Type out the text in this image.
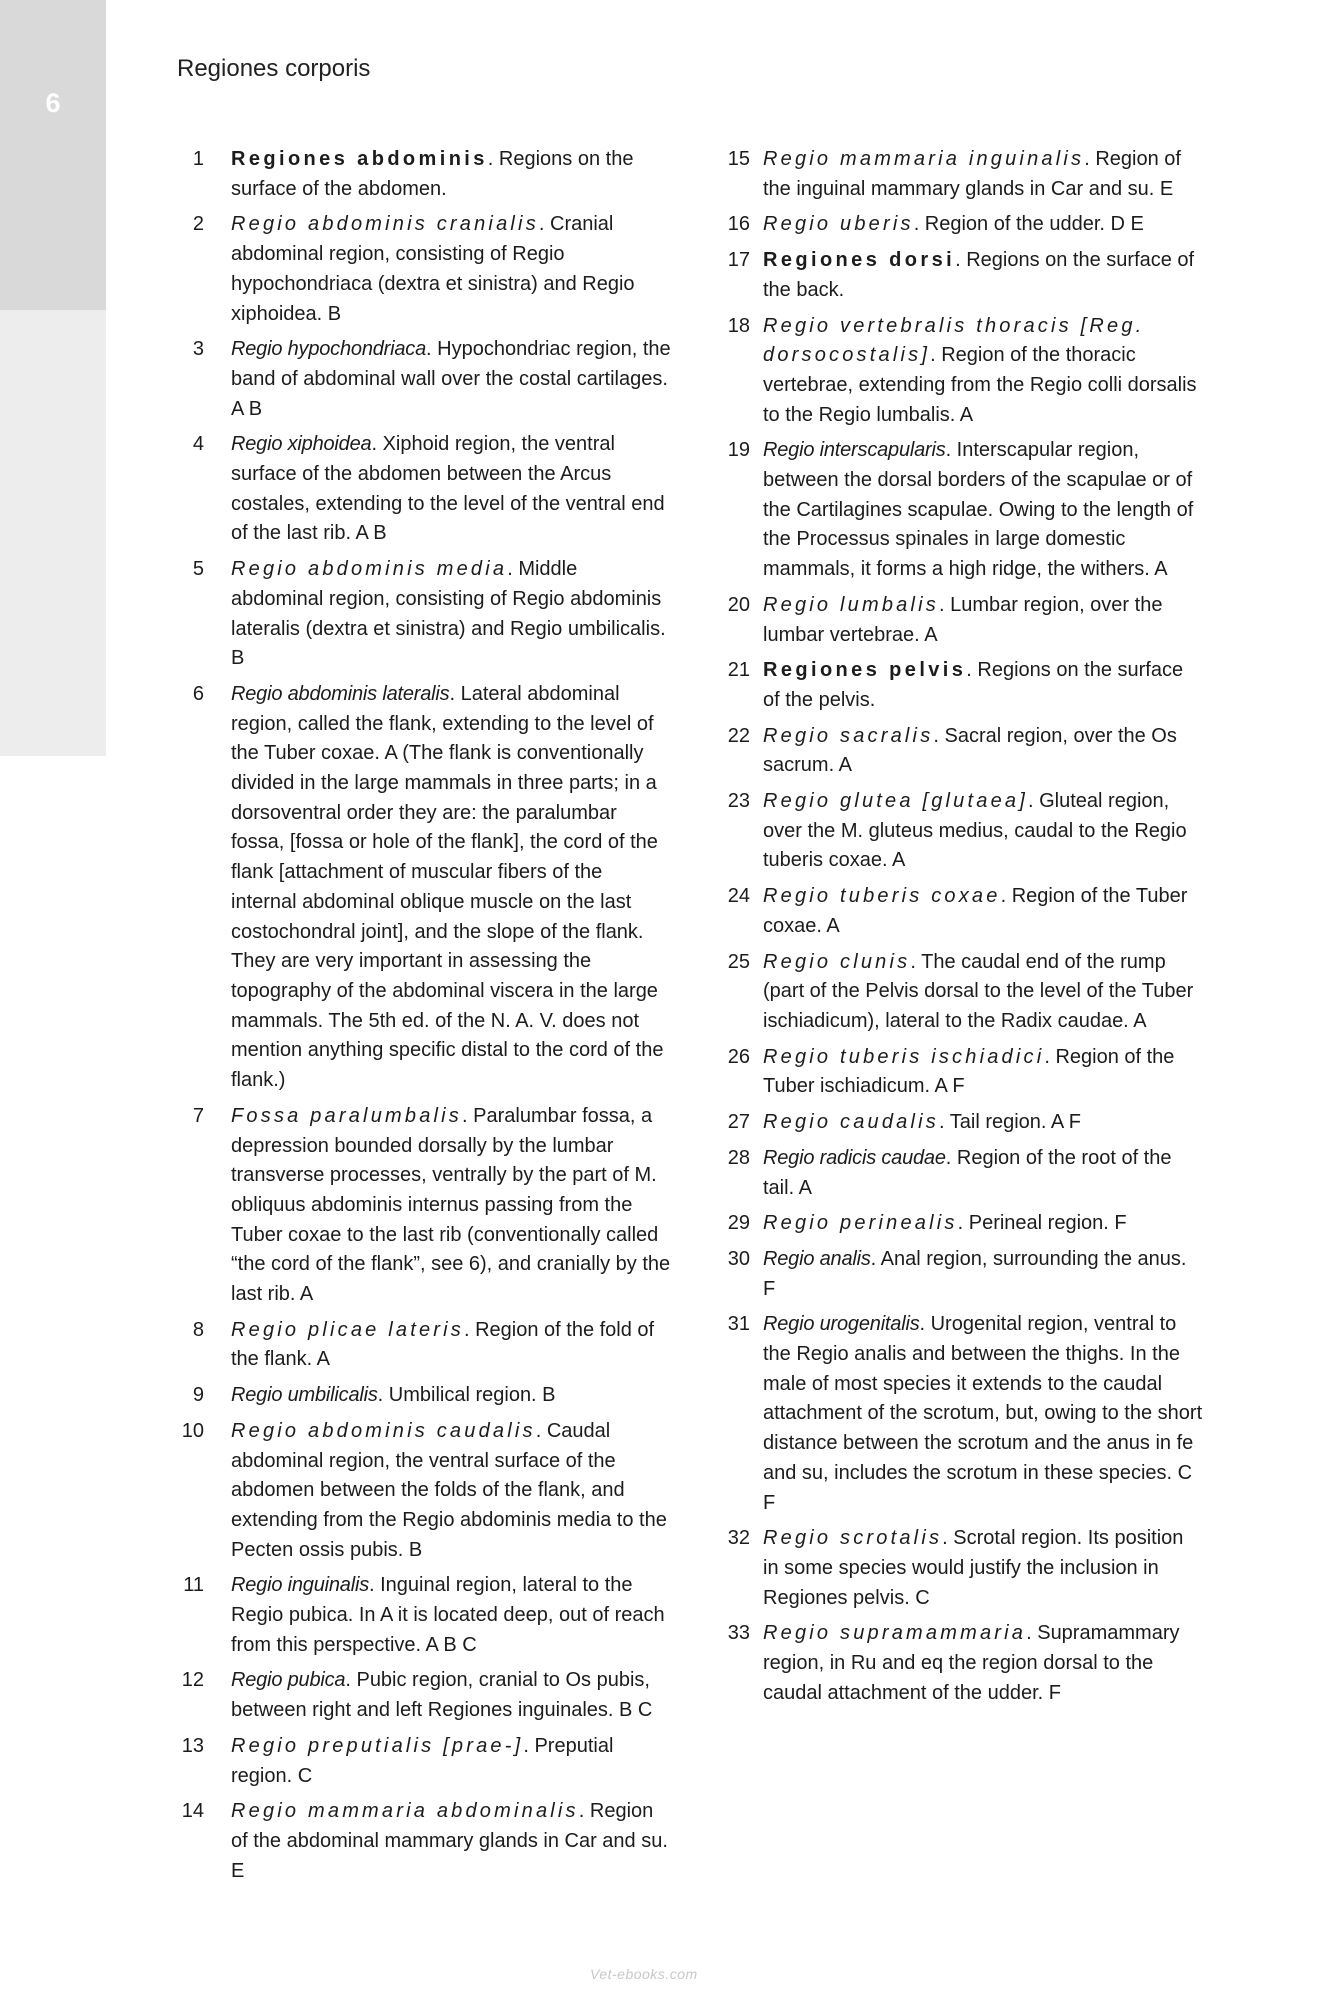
6
Regiones corporis
1 Regiones abdominis. Regions on the surface of the abdomen.
2 Regio abdominis cranialis. Cranial abdominal region, consisting of Regio hypochondriaca (dextra et sinistra) and Regio xiphoidea. B
3 Regio hypochondriaca. Hypochondriac region, the band of abdominal wall over the costal cartilages. A B
4 Regio xiphoidea. Xiphoid region, the ventral surface of the abdomen between the Arcus costales, extending to the level of the ventral end of the last rib. A B
5 Regio abdominis media. Middle abdominal region, consisting of Regio abdominis lateralis (dextra et sinistra) and Regio umbilicalis. B
6 Regio abdominis lateralis. Lateral abdominal region, called the flank, extending to the level of the Tuber coxae. A (The flank is conventionally divided in the large mammals in three parts; in a dorsoventral order they are: the paralumbar fossa, [fossa or hole of the flank], the cord of the flank [attachment of muscular fibers of the internal abdominal oblique muscle on the last costochondral joint], and the slope of the flank. They are very important in assessing the topography of the abdominal viscera in the large mammals. The 5th ed. of the N. A. V. does not mention anything specific distal to the cord of the flank.)
7 Fossa paralumbalis. Paralumbar fossa, a depression bounded dorsally by the lumbar transverse processes, ventrally by the part of M. obliquus abdominis internus passing from the Tuber coxae to the last rib (conventionally called “the cord of the flank”, see 6), and cranially by the last rib. A
8 Regio plicae lateris. Region of the fold of the flank. A
9 Regio umbilicalis. Umbilical region. B
10 Regio abdominis caudalis. Caudal abdominal region, the ventral surface of the abdomen between the folds of the flank, and extending from the Regio abdominis media to the Pecten ossis pubis. B
11 Regio inguinalis. Inguinal region, lateral to the Regio pubica. In A it is located deep, out of reach from this perspective. A B C
12 Regio pubica. Pubic region, cranial to Os pubis, between right and left Regiones inguinales. B C
13 Regio preputialis [prae-]. Preputial region. C
14 Regio mammaria abdominalis. Region of the abdominal mammary glands in Car and su. E
15 Regio mammaria inguinalis. Region of the inguinal mammary glands in Car and su. E
16 Regio uberis. Region of the udder. D E
17 Regiones dorsi. Regions on the surface of the back.
18 Regio vertebralis thoracis [Reg. dorsocostalis]. Region of the thoracic vertebrae, extending from the Regio colli dorsalis to the Regio lumbalis. A
19 Regio interscapularis. Interscapular region, between the dorsal borders of the scapulae or of the Cartilagines scapulae. Owing to the length of the Processus spinales in large domestic mammals, it forms a high ridge, the withers. A
20 Regio lumbalis. Lumbar region, over the lumbar vertebrae. A
21 Regiones pelvis. Regions on the surface of the pelvis.
22 Regio sacralis. Sacral region, over the Os sacrum. A
23 Regio glutea [glutaea]. Gluteal region, over the M. gluteus medius, caudal to the Regio tuberis coxae. A
24 Regio tuberis coxae. Region of the Tuber coxae. A
25 Regio clunis. The caudal end of the rump (part of the Pelvis dorsal to the level of the Tuber ischiadicum), lateral to the Radix caudae. A
26 Regio tuberis ischiadici. Region of the Tuber ischiadicum. A F
27 Regio caudalis. Tail region. A F
28 Regio radicis caudae. Region of the root of the tail. A
29 Regio perinealis. Perineal region. F
30 Regio analis. Anal region, surrounding the anus. F
31 Regio urogenitalis. Urogenital region, ventral to the Regio analis and between the thighs. In the male of most species it extends to the caudal attachment of the scrotum, but, owing to the short distance between the scrotum and the anus in fe and su, includes the scrotum in these species. C F
32 Regio scrotalis. Scrotal region. Its position in some species would justify the inclusion in Regiones pelvis. C
33 Regio supramammaria. Supramammary region, in Ru and eq the region dorsal to the caudal attachment of the udder. F
Vet-ebooks.com
